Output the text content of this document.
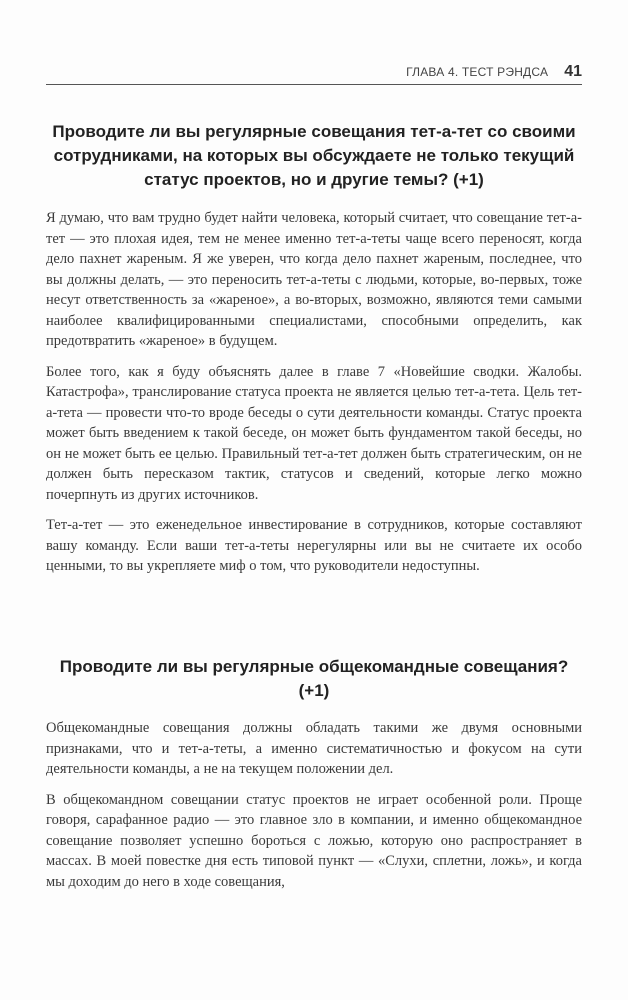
ГЛАВА 4. ТЕСТ РЭНДСА 41
Проводите ли вы регулярные совещания тет-а-тет со своими сотрудниками, на которых вы обсуждаете не только текущий статус проектов, но и другие темы? (+1)

Я думаю, что вам трудно будет найти человека, который считает, что совещание тет-а-тет — это плохая идея, тем не менее именно тет-а-теты чаще всего переносят, когда дело пахнет жареным. Я же уверен, что когда дело пахнет жареным, последнее, что вы должны делать, — это переносить тет-а-теты с людьми, которые, во-первых, тоже несут ответственность за «жареное», а во-вторых, возможно, являются теми самыми наиболее квалифицированными специалистами, способными определить, как предотвратить «жареное» в будущем.

Более того, как я буду объяснять далее в главе 7 «Новейшие сводки. Жалобы. Катастрофа», транслирование статуса проекта не является целью тет-а-тета. Цель тет-а-тета — провести что-то вроде беседы о сути деятельности команды. Статус проекта может быть введением к такой беседе, он может быть фундаментом такой беседы, но он не может быть ее целью. Правильный тет-а-тет должен быть стратегическим, он не должен быть пересказом тактик, статусов и сведений, которые легко можно почерпнуть из других источников.

Тет-а-тет — это еженедельное инвестирование в сотрудников, которые составляют вашу команду. Если ваши тет-а-теты нерегулярны или вы не считаете их особо ценными, то вы укрепляете миф о том, что руководители недоступны.

Проводите ли вы регулярные общекомандные совещания? (+1)

Общекомандные совещания должны обладать такими же двумя основными признаками, что и тет-а-теты, а именно систематичностью и фокусом на сути деятельности команды, а не на текущем положении дел.

В общекомандном совещании статус проектов не играет особенной роли. Проще говоря, сарафанное радио — это главное зло в компании, и именно общекомандное совещание позволяет успешно бороться с ложью, которую оно распространяет в массах. В моей повестке дня есть типовой пункт — «Слухи, сплетни, ложь», и когда мы доходим до него в ходе совещания,
